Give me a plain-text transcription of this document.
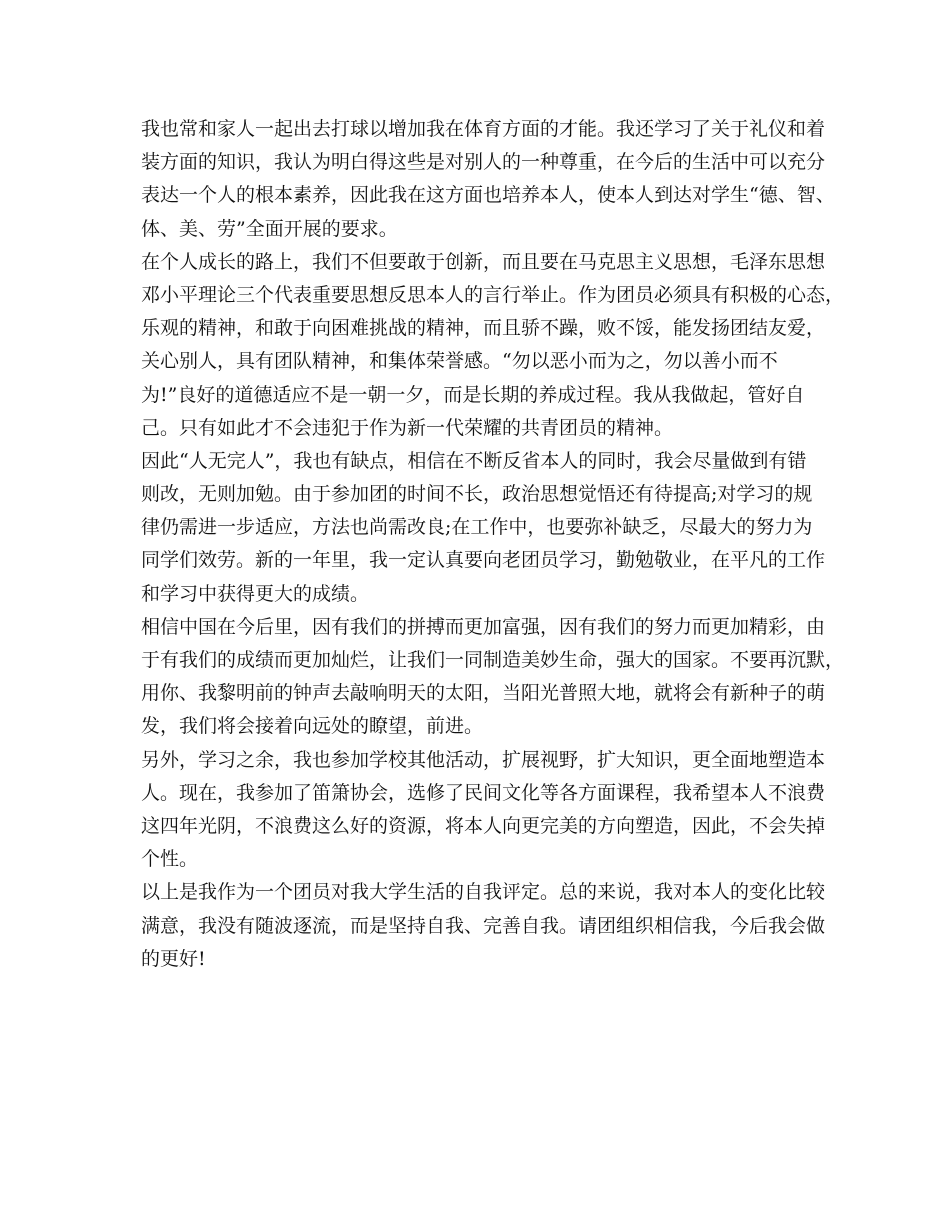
我也常和家人一起出去打球以增加我在体育方面的才能。我还学习了关于礼仪和着
装方面的知识，我认为明白得这些是对别人的一种尊重，在今后的生活中可以充分
表达一个人的根本素养，因此我在这方面也培养本人，使本人到达对学生“德、智、
体、美、劳”全面开展的要求。
在个人成长的路上，我们不但要敢于创新，而且要在马克思主义思想，毛泽东思想
邓小平理论三个代表重要思想反思本人的言行举止。作为团员必须具有积极的心态，
乐观的精神，和敢于向困难挑战的精神，而且骄不躁，败不馁，能发扬团结友爱，
关心别人，具有团队精神，和集体荣誉感。“勿以恶小而为之，勿以善小而不
为!”良好的道德适应不是一朝一夕，而是长期的养成过程。我从我做起，管好自
己。只有如此才不会违犯于作为新一代荣耀的共青团员的精神。
因此“人无完人”，我也有缺点，相信在不断反省本人的同时，我会尽量做到有错
则改，无则加勉。由于参加团的时间不长，政治思想觉悟还有待提高;对学习的规
律仍需进一步适应，方法也尚需改良;在工作中，也要弥补缺乏，尽最大的努力为
同学们效劳。新的一年里，我一定认真要向老团员学习，勤勉敬业，在平凡的工作
和学习中获得更大的成绩。
相信中国在今后里，因有我们的拼搏而更加富强，因有我们的努力而更加精彩，由
于有我们的成绩而更加灿烂，让我们一同制造美妙生命，强大的国家。不要再沉默，
用你、我黎明前的钟声去敲响明天的太阳，当阳光普照大地，就将会有新种子的萌
发，我们将会接着向远处的瞭望，前进。
另外，学习之余，我也参加学校其他活动，扩展视野，扩大知识，更全面地塑造本
人。现在，我参加了笛箫协会，选修了民间文化等各方面课程，我希望本人不浪费
这四年光阴，不浪费这么好的资源，将本人向更完美的方向塑造，因此，不会失掉
个性。
以上是我作为一个团员对我大学生活的自我评定。总的来说，我对本人的变化比较
满意，我没有随波逐流，而是坚持自我、完善自我。请团组织相信我，今后我会做
的更好!
